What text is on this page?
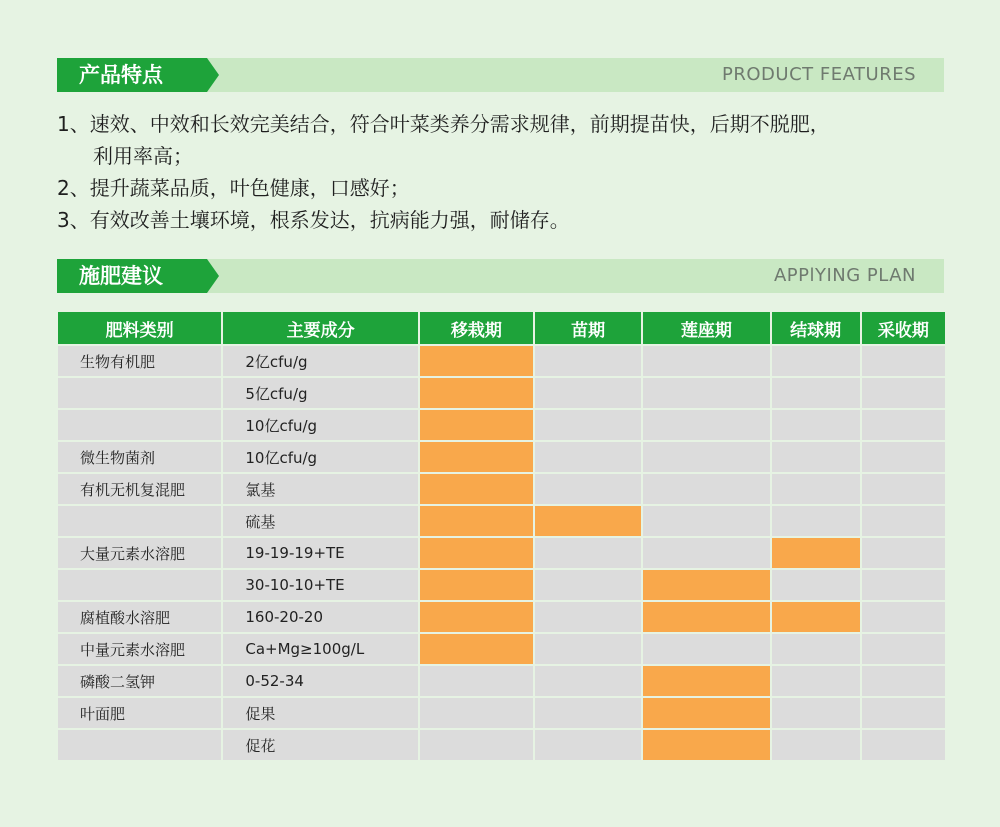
产品特点	PRODUCT FEATURES
1、速效、中效和长效完美结合，符合叶菜类养分需求规律，前期提苗快，后期不脱肥，
利用率高；
2、提升蔬菜品质，叶色健康，口感好；
3、有效改善土壤环境，根系发达，抗病能力强，耐储存。
施肥建议	APPlYING PLAN
肥料类别	主要成分	移栽期	苗期	莲座期	结球期	采收期
生物有机肥	2亿cfu/g					
	5亿cfu/g					
	10亿cfu/g					
微生物菌剂	10亿cfu/g					
有机无机复混肥	氯基					
	硫基					
大量元素水溶肥	19-19-19+TE					
	30-10-10+TE					
腐植酸水溶肥	160-20-20					
中量元素水溶肥	Ca+Mg≥100g/L					
磷酸二氢钾	0-52-34					
叶面肥	促果					
	促花					
